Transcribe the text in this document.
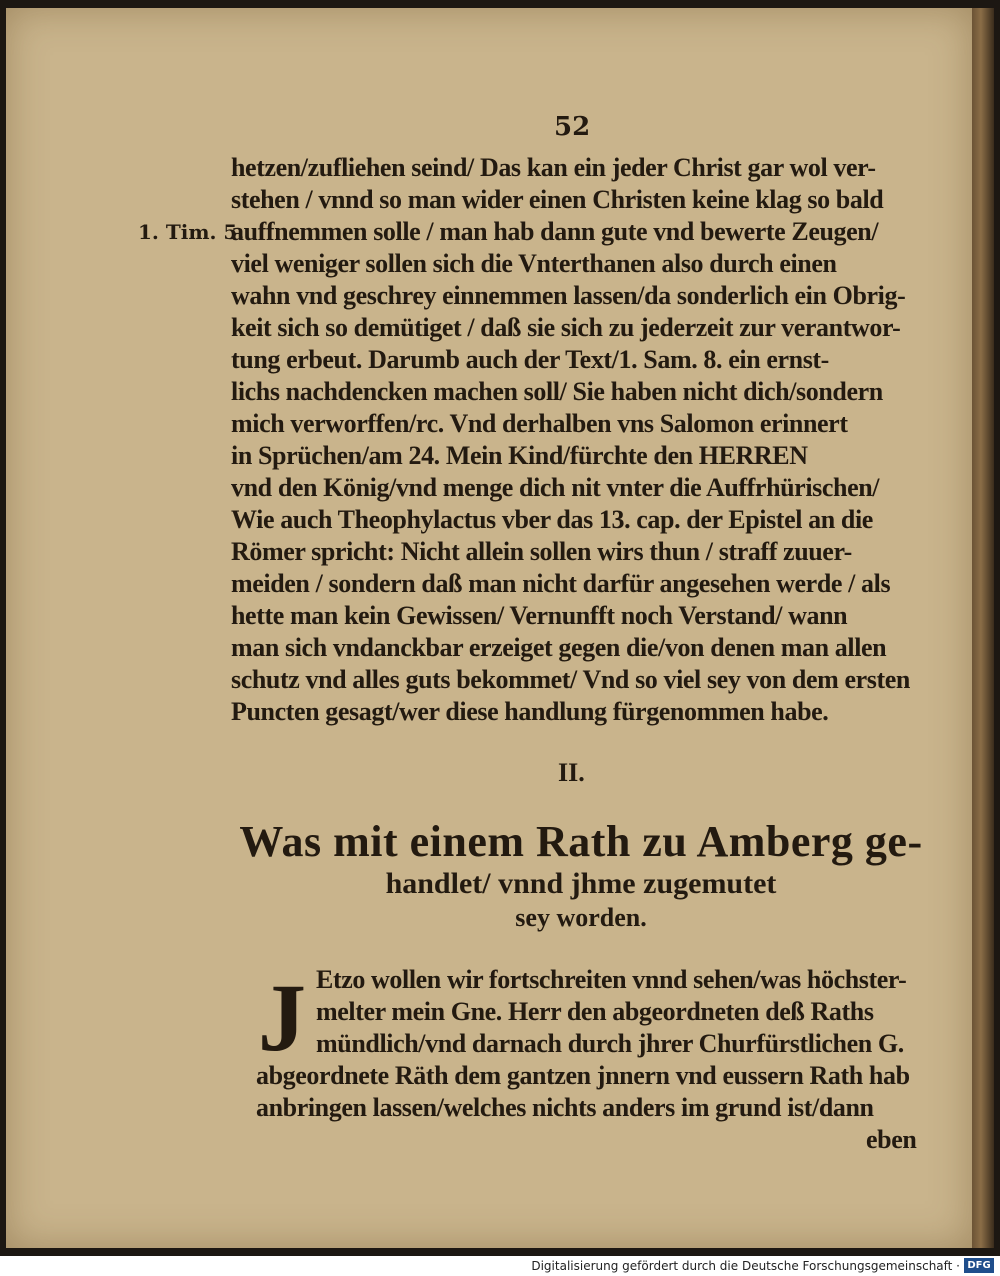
52
1. Tim. 5.
hetzen/zufliehen seind/ Das kan ein jeder Christ gar wol ver-
stehen / vnnd so man wider einen Christen keine klag so bald
auffnemmen solle / man hab dann gute vnd bewerte Zeugen/
viel weniger sollen sich die Vnterthanen also durch einen
wahn vnd geschrey einnemmen lassen/da sonderlich ein Obrig-
keit sich so demütiget / daß sie sich zu jederzeit zur verantwor-
tung erbeut. Darumb auch der Text/1. Sam. 8. ein ernst-
lichs nachdencken machen soll/ Sie haben nicht dich/sondern
mich verworffen/rc. Vnd derhalben vns Salomon erinnert
in Sprüchen/am 24. Mein Kind/fürchte den HERREN
vnd den König/vnd menge dich nit vnter die Auffrhürischen/
Wie auch Theophylactus vber das 13. cap. der Epistel an die
Römer spricht: Nicht allein sollen wirs thun / straff zuuer-
meiden / sondern daß man nicht darfür angesehen werde / als
hette man kein Gewissen/ Vernunfft noch Verstand/ wann
man sich vndanckbar erzeiget gegen die/von denen man allen
schutz vnd alles guts bekommet/ Vnd so viel sey von dem ersten
Puncten gesagt/wer diese handlung fürgenommen habe.
II.
Was mit einem Rath zu Amberg ge-
handlet/ vnnd jhme zugemutet
sey worden.
J Etzo wollen wir fortschreiten vnnd sehen/was höchster-
melter mein Gne. Herr den abgeordneten deß Raths
mündlich/vnd darnach durch jhrer Churfürstlichen G.
abgeordnete Räth dem gantzen jnnern vnd eussern Rath hab
anbringen lassen/welches nichts anders im grund ist/dann
eben
Digitalisierung gefördert durch die Deutsche Forschungsgemeinschaft · DFG
